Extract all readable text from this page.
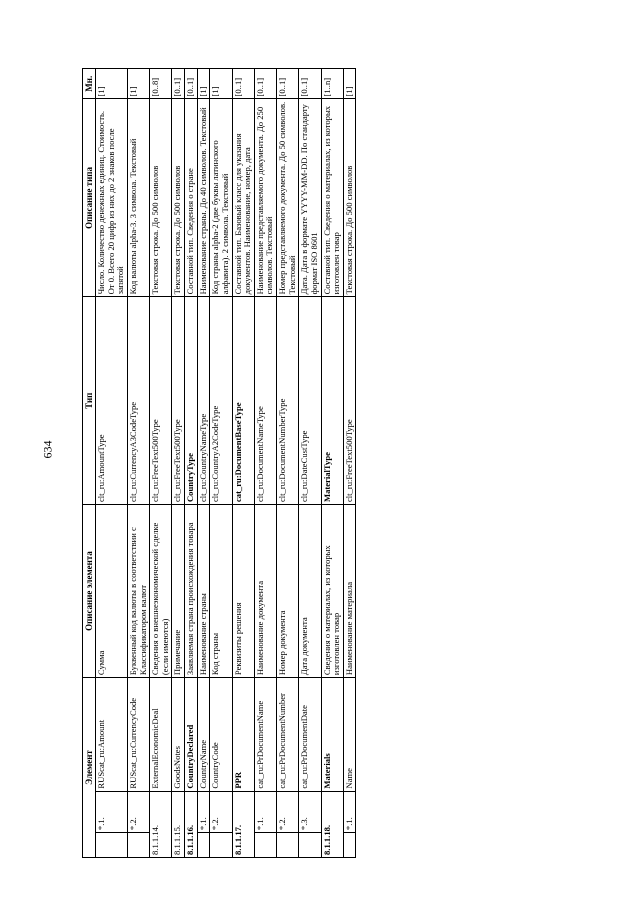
634
Элемент			Описание элемента	Тип	Описание типа	Мн.
	*.1.	RUScat_ru:Amount	Сумма	clt_ru:AmountType	Число. Количество денежных единиц. Стоимость. От 0. Всего 20 цифр из них до 2 знаков после запятой	[1]
	*.2.	RUScat_ru:CurrencyCode	Буквенный код валюты в соответствии с Классификатором валют	clt_ru:CurrencyA3CodeType	Код валюты alpha-3. 3 символа. Текстовый	[1]
8.1.1.14.		ExternalEconomicDeal	Сведения о внешнеэкономической сделке (если имеются)	clt_ru:FreeText500Type	Текстовая строка. До 500 символов	[0..8]
8.1.1.15.		GoodsNotes	Примечание	clt_ru:FreeText500Type	Текстовая строка. До 500 символов	[0..1]
8.1.1.16.		CountryDeclared	Заявляемая страна происхождения товара	CountryType	Составной тип. Сведения о стране	[0..1]
	*.1.	CountryName	Наименование страны	clt_ru:CountryNameType	Наименование страны. До 40 символов. Текстовый	[1]
	*.2.	CountryCode	Код страны	clt_ru:CountryA2CodeType	Код страны alpha-2 (две буквы латинского алфавита). 2 символа. Текстовый	[1]
8.1.1.17.		PPR	Реквизиты решения	cat_ru:DocumentBaseType	Составной тип. Базовый класс для указания документов. Наименование, номер, дата	[0..1]
	*.1.	cat_ru:PrDocumentName	Наименование документа	clt_ru:DocumentNameType	Наименование представляемого документа. До 250 символов. Текстовый	[0..1]
	*.2.	cat_ru:PrDocumentNumber	Номер документа	clt_ru:DocumentNumberType	Номер представляемого документа. До 50 символов. Текстовый	[0..1]
	*.3.	cat_ru:PrDocumentDate	Дата документа	clt_ru:DateCustType	Дата. Дата в формате YYYY-MM-DD. По стандарту формат ISO 8601	[0..1]
8.1.1.18.		Materials	Сведения о материалах, из которых изготовлен товар	MaterialType	Составной тип. Сведения о материалах, из которых изготовлен товар	[1..n]
	*.1.	Name	Наименование материала	clt_ru:FreeText500Type	Текстовая строка. До 500 символов	[1]
